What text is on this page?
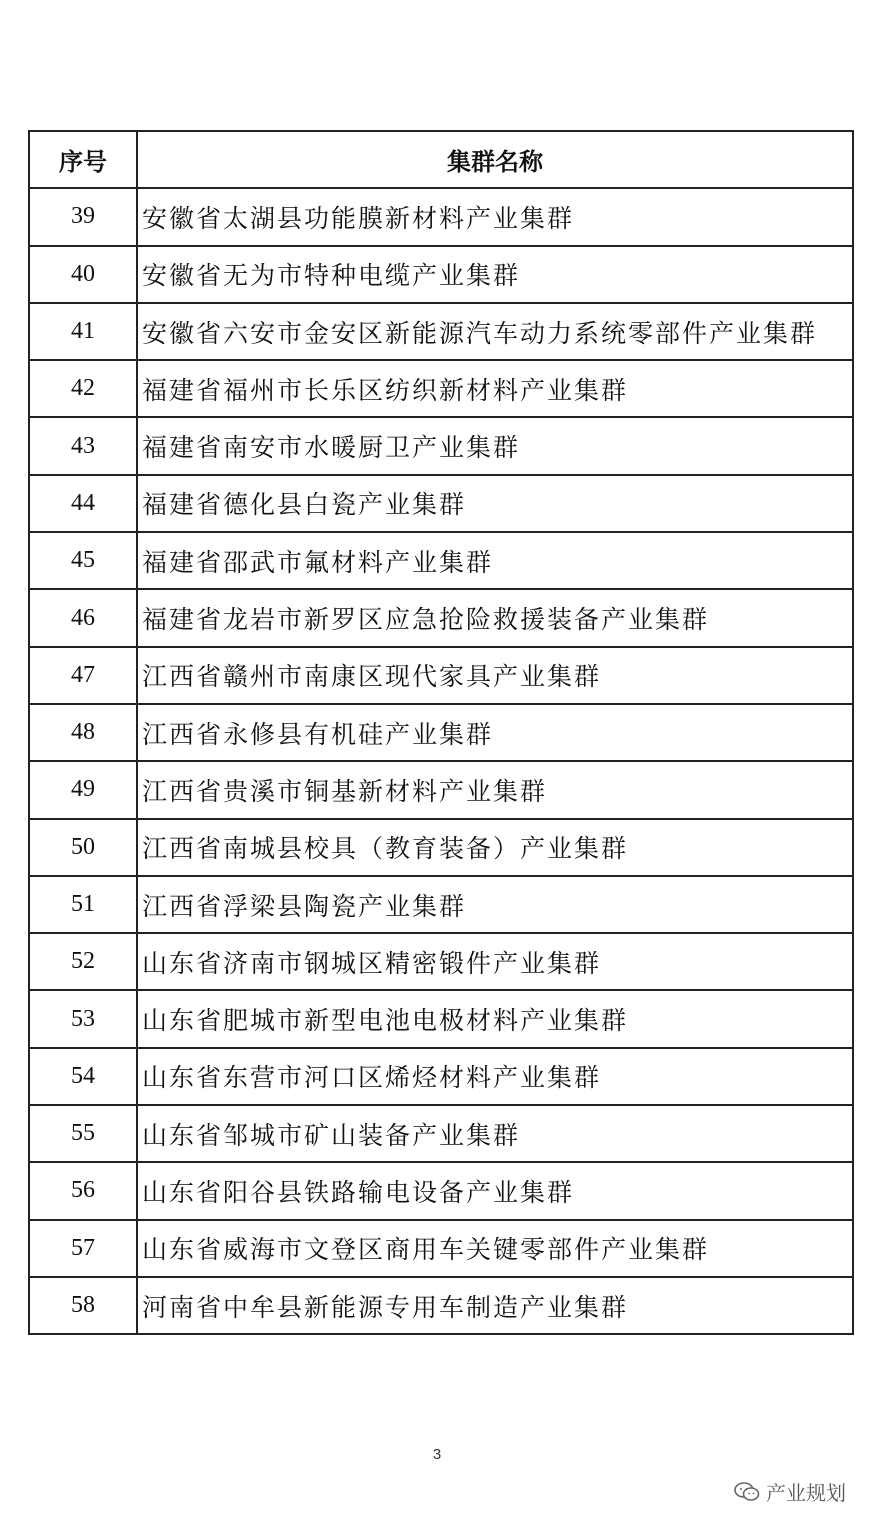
序号	集群名称
39	安徽省太湖县功能膜新材料产业集群
40	安徽省无为市特种电缆产业集群
41	安徽省六安市金安区新能源汽车动力系统零部件产业集群
42	福建省福州市长乐区纺织新材料产业集群
43	福建省南安市水暖厨卫产业集群
44	福建省德化县白瓷产业集群
45	福建省邵武市氟材料产业集群
46	福建省龙岩市新罗区应急抢险救援装备产业集群
47	江西省赣州市南康区现代家具产业集群
48	江西省永修县有机硅产业集群
49	江西省贵溪市铜基新材料产业集群
50	江西省南城县校具（教育装备）产业集群
51	江西省浮梁县陶瓷产业集群
52	山东省济南市钢城区精密锻件产业集群
53	山东省肥城市新型电池电极材料产业集群
54	山东省东营市河口区烯烃材料产业集群
55	山东省邹城市矿山装备产业集群
56	山东省阳谷县铁路输电设备产业集群
57	山东省威海市文登区商用车关键零部件产业集群
58	河南省中牟县新能源专用车制造产业集群
3
产业规划
